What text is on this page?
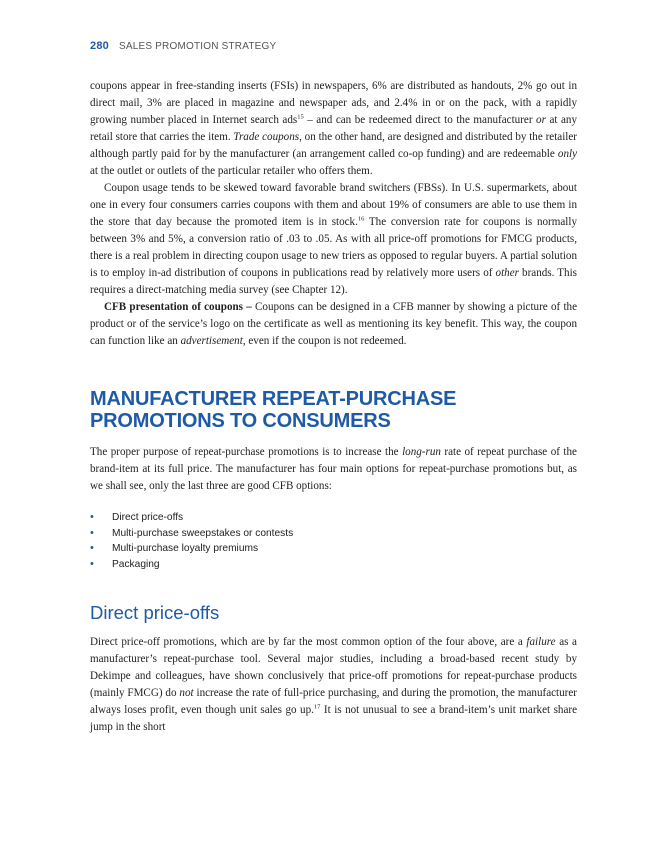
280 SALES PROMOTION STRATEGY

coupons appear in free-standing inserts (FSIs) in newspapers, 6% are distributed as handouts, 2% go out in direct mail, 3% are placed in magazine and newspaper ads, and 2.4% in or on the pack, with a rapidly growing number placed in Internet search ads$^{15}$ – and can be redeemed direct to the manufacturer or at any retail store that carries the item. Trade coupons, on the other hand, are designed and distributed by the retailer although partly paid for by the manufacturer (an arrangement called co-op funding) and are redeemable only at the outlet or outlets of the particular retailer who offers them.

Coupon usage tends to be skewed toward favorable brand switchers (FBSs). In U.S. supermarkets, about one in every four consumers carries coupons with them and about 19% of consumers are able to use them in the store that day because the promoted item is in stock.$^{16}$ The conversion rate for coupons is normally between 3% and 5%, a conversion ratio of .03 to .05. As with all price-off promotions for FMCG products, there is a real problem in directing coupon usage to new triers as opposed to regular buyers. A partial solution is to employ in-ad distribution of coupons in publications read by relatively more users of other brands. This requires a direct-matching media survey (see Chapter 12).

CFB presentation of coupons – Coupons can be designed in a CFB manner by showing a picture of the product or of the service’s logo on the certificate as well as mentioning its key benefit. This way, the coupon can function like an advertisement, even if the coupon is not redeemed.

MANUFACTURER REPEAT-PURCHASE
PROMOTIONS TO CONSUMERS

The proper purpose of repeat-purchase promotions is to increase the long-run rate of repeat purchase of the brand-item at its full price. The manufacturer has four main options for repeat-purchase promotions but, as we shall see, only the last three are good CFB options:

• Direct price-offs
• Multi-purchase sweepstakes or contests
• Multi-purchase loyalty premiums
• Packaging
Direct price-offs

Direct price-off promotions, which are by far the most common option of the four above, are a failure as a manufacturer’s repeat-purchase tool. Several major studies, including a broad-based recent study by Dekimpe and colleagues, have shown conclusively that price-off promotions for repeat-purchase products (mainly FMCG) do not increase the rate of full-price purchasing, and during the promotion, the manufacturer always loses profit, even though unit sales go up.$^{17}$ It is not unusual to see a brand-item’s unit market share jump in the short
